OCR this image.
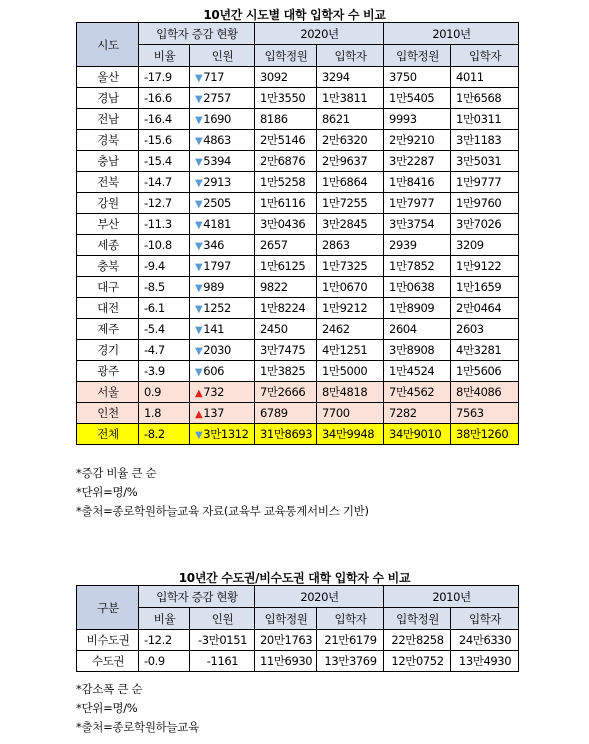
10년간 시도별 대학 입학자 수 비교
시도	입학자 증감 현황		2020년		2010년	
	비율	인원	입학정원	입학자	입학정원	입학자
울산	-17.9	▼717	3092	3294	3750	4011
경남	-16.6	▼2757	1만3550	1만3811	1만5405	1만6568
전남	-16.4	▼1690	8186	8621	9993	1만0311
경북	-15.6	▼4863	2만5146	2만6320	2만9210	3만1183
충남	-15.4	▼5394	2만6876	2만9637	3만2287	3만5031
전북	-14.7	▼2913	1만5258	1만6864	1만8416	1만9777
강원	-12.7	▼2505	1만6116	1만7255	1만7977	1만9760
부산	-11.3	▼4181	3만0436	3만2845	3만3754	3만7026
세종	-10.8	▼346	2657	2863	2939	3209
충북	-9.4	▼1797	1만6125	1만7325	1만7852	1만9122
대구	-8.5	▼989	9822	1만0670	1만0638	1만1659
대전	-6.1	▼1252	1만8224	1만9212	1만8909	2만0464
제주	-5.4	▼141	2450	2462	2604	2603
경기	-4.7	▼2030	3만7475	4만1251	3만8908	4만3281
광주	-3.9	▼606	1만3825	1만5000	1만4524	1만5606
서울	0.9	▲732	7만2666	8만4818	7만4562	8만4086
인천	1.8	▲137	6789	7700	7282	7563
전체	-8.2	▼3만1312	31만8693	34만9948	34만9010	38만1260
*증감 비율 큰 순
*단위=명/%
*출처=종로학원하늘교육 자료(교육부 교육통계서비스 기반)
10년간 수도권/비수도권 대학 입학자 수 비교
구분	입학자 증감 현황		2020년		2010년	
	비율	인원	입학정원	입학자	입학정원	입학자
비수도권	-12.2	-3만0151	20만1763	21만6179	22만8258	24만6330
수도권	-0.9	-1161	11만6930	13만3769	12만0752	13만4930
*감소폭 큰 순
*단위=명/%
*출처=종로학원하늘교육
